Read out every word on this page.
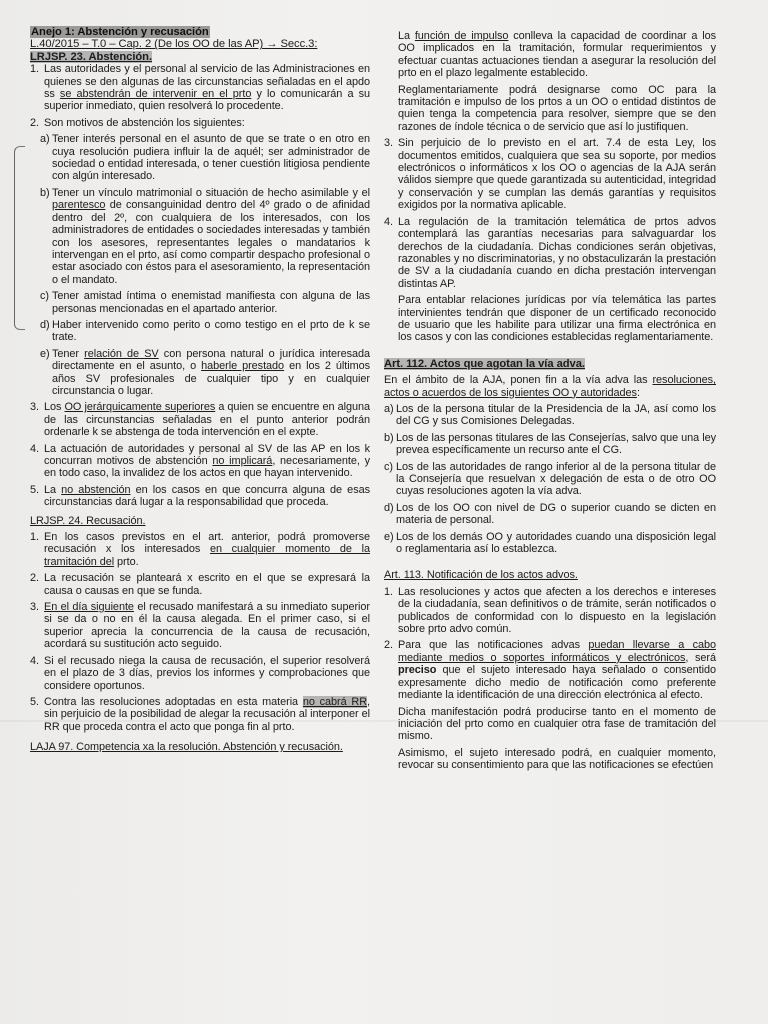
Anejo 1: Abstención y recusación

L.40/2015 – T.0 – Cap. 2 (De los OO de las AP) → Secc.3:

LRJSP. 23. Abstención.

1. Las autoridades y el personal al servicio de las Administraciones en quienes se den algunas de las circunstancias señaladas en el apdo ss se abstendrán de intervenir en el prto y lo comunicarán a su superior inmediato, quien resolverá lo procedente.
2. Son motivos de abstención los siguientes:
a) Tener interés personal en el asunto de que se trate o en otro en cuya resolución pudiera influir la de aquél; ser administrador de sociedad o entidad interesada, o tener cuestión litigiosa pendiente con algún interesado.
b) Tener un vínculo matrimonial o situación de hecho asimilable y el parentesco de consanguinidad dentro del 4º grado o de afinidad dentro del 2º, con cualquiera de los interesados, con los administradores de entidades o sociedades interesadas y también con los asesores, representantes legales o mandatarios k intervengan en el prto, así como compartir despacho profesional o estar asociado con éstos para el asesoramiento, la representación o el mandato.
c) Tener amistad íntima o enemistad manifiesta con alguna de las personas mencionadas en el apartado anterior.
d) Haber intervenido como perito o como testigo en el prto de k se trate.
e) Tener relación de SV con persona natural o jurídica interesada directamente en el asunto, o haberle prestado en los 2 últimos años SV profesionales de cualquier tipo y en cualquier circunstancia o lugar.
3. Los OO jerárquicamente superiores a quien se encuentre en alguna de las circunstancias señaladas en el punto anterior podrán ordenarle k se abstenga de toda intervención en el expte.
4. La actuación de autoridades y personal al SV de las AP en los k concurran motivos de abstención no implicará, necesariamente, y en todo caso, la invalidez de los actos en que hayan intervenido.
5. La no abstención en los casos en que concurra alguna de esas circunstancias dará lugar a la responsabilidad que proceda.

LRJSP. 24. Recusación.

1. En los casos previstos en el art. anterior, podrá promoverse recusación x los interesados en cualquier momento de la tramitación del prto.
2. La recusación se planteará x escrito en el que se expresará la causa o causas en que se funda.
3. En el día siguiente el recusado manifestará a su inmediato superior si se da o no en él la causa alegada. En el primer caso, si el superior aprecia la concurrencia de la causa de recusación, acordará su sustitución acto seguido.
4. Si el recusado niega la causa de recusación, el superior resolverá en el plazo de 3 días, previos los informes y comprobaciones que considere oportunos.
5. Contra las resoluciones adoptadas en esta materia no cabrá RR, sin perjuicio de la posibilidad de alegar la recusación al interponer el RR que proceda contra el acto que ponga fin al prto.

LAJA 97. Competencia xa la resolución. Abstención y recusación.

La función de impulso conlleva la capacidad de coordinar a los OO implicados en la tramitación, formular requerimientos y efectuar cuantas actuaciones tiendan a asegurar la resolución del prto en el plazo legalmente establecido.

Reglamentariamente podrá designarse como OC para la tramitación e impulso de los prtos a un OO o entidad distintos de quien tenga la competencia para resolver, siempre que se den razones de índole técnica o de servicio que así lo justifiquen.

3. Sin perjuicio de lo previsto en el art. 7.4 de esta Ley, los documentos emitidos, cualquiera que sea su soporte, por medios electrónicos o informáticos x los OO o agencias de la AJA serán válidos siempre que quede garantizada su autenticidad, integridad y conservación y se cumplan las demás garantías y requisitos exigidos por la normativa aplicable.
4. La regulación de la tramitación telemática de prtos advos contemplará las garantías necesarias para salvaguardar los derechos de la ciudadanía. Dichas condiciones serán objetivas, razonables y no discriminatorias, y no obstaculizarán la prestación de SV a la ciudadanía cuando en dicha prestación intervengan distintas AP.

Para entablar relaciones jurídicas por vía telemática las partes intervinientes tendrán que disponer de un certificado reconocido de usuario que les habilite para utilizar una firma electrónica en los casos y con las condiciones establecidas reglamentariamente.

Art. 112. Actos que agotan la vía adva.

En el ámbito de la AJA, ponen fin a la vía adva las resoluciones, actos o acuerdos de los siguientes OO y autoridades:

a) Los de la persona titular de la Presidencia de la JA, así como los del CG y sus Comisiones Delegadas.
b) Los de las personas titulares de las Consejerías, salvo que una ley prevea específicamente un recurso ante el CG.
c) Los de las autoridades de rango inferior al de la persona titular de la Consejería que resuelvan x delegación de esta o de otro OO cuyas resoluciones agoten la vía adva.
d) Los de los OO con nivel de DG o superior cuando se dicten en materia de personal.
e) Los de los demás OO y autoridades cuando una disposición legal o reglamentaria así lo establezca.

Art. 113. Notificación de los actos advos.

1. Las resoluciones y actos que afecten a los derechos e intereses de la ciudadanía, sean definitivos o de trámite, serán notificados o publicados de conformidad con lo dispuesto en la legislación sobre prto advo común.
2. Para que las notificaciones advas puedan llevarse a cabo mediante medios o soportes informáticos y electrónicos, será preciso que el sujeto interesado haya señalado o consentido expresamente dicho medio de notificación como preferente mediante la identificación de una dirección electrónica al efecto.

Dicha manifestación podrá producirse tanto en el momento de iniciación del prto como en cualquier otra fase de tramitación del mismo.

Asimismo, el sujeto interesado podrá, en cualquier momento, revocar su consentimiento para que las notificaciones se efectúen
